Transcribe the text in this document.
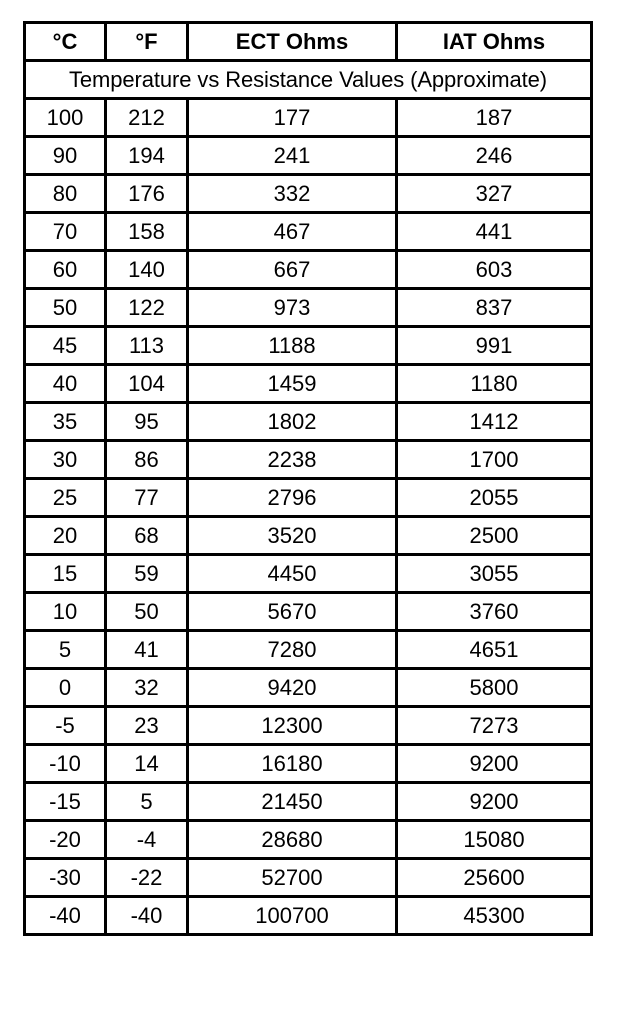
°C	°F	ECT Ohms	IAT Ohms
Temperature vs Resistance Values (Approximate)			
100	212	177	187
90	194	241	246
80	176	332	327
70	158	467	441
60	140	667	603
50	122	973	837
45	113	1188	991
40	104	1459	1180
35	95	1802	1412
30	86	2238	1700
25	77	2796	2055
20	68	3520	2500
15	59	4450	3055
10	50	5670	3760
5	41	7280	4651
0	32	9420	5800
-5	23	12300	7273
-10	14	16180	9200
-15	5	21450	9200
-20	-4	28680	15080
-30	-22	52700	25600
-40	-40	100700	45300
